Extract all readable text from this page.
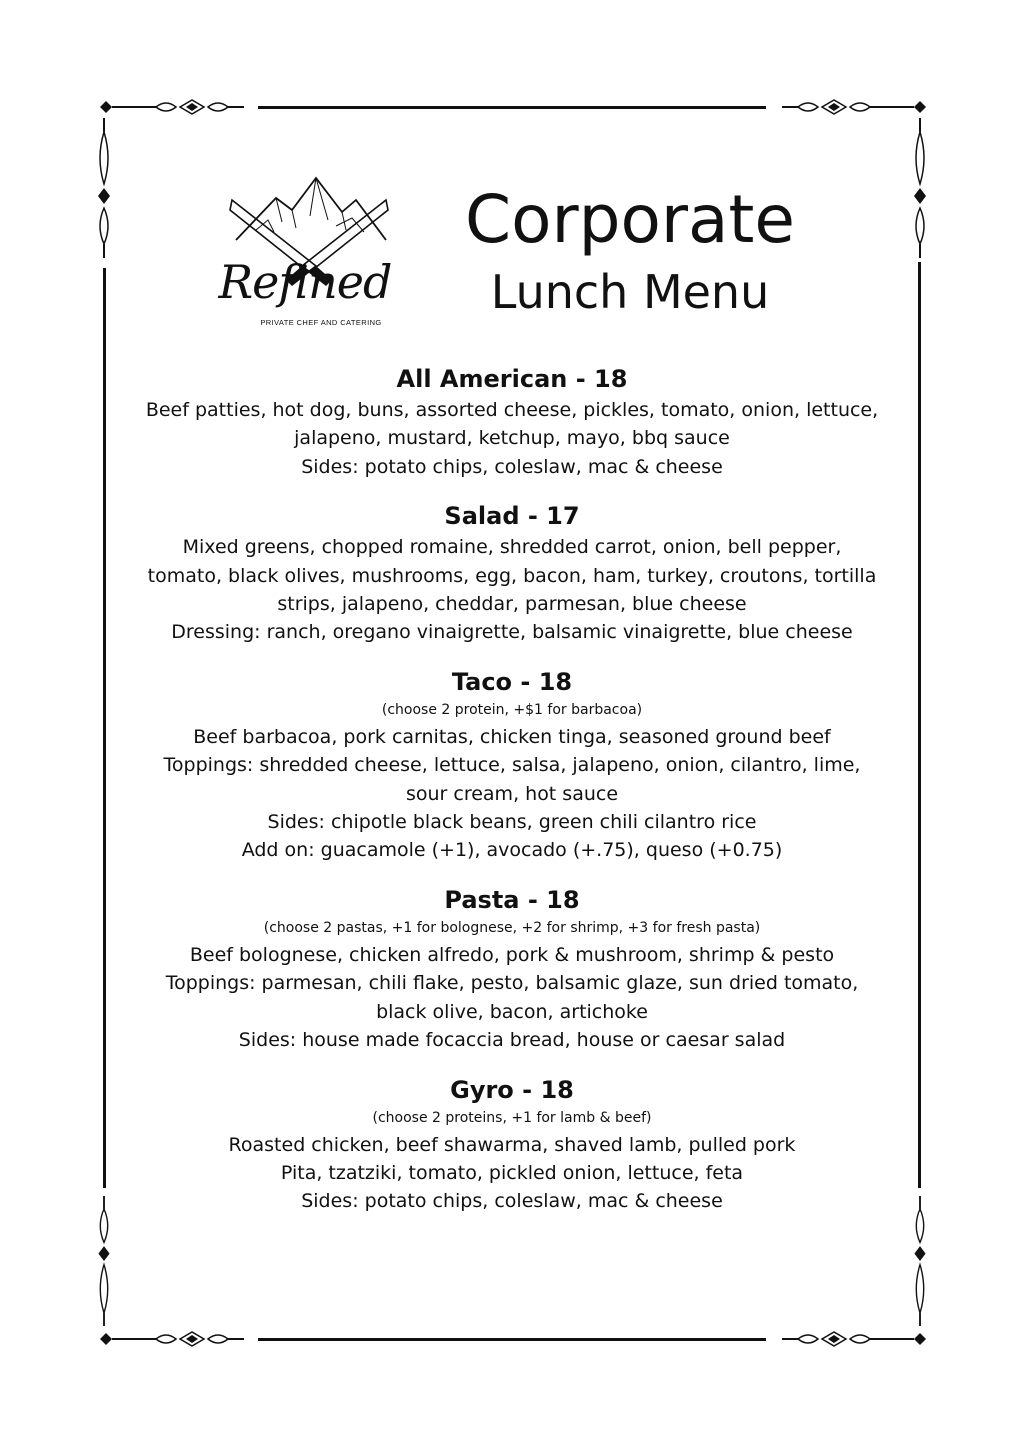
Refined
PRIVATE CHEF AND CATERING
Corporate
Lunch Menu

All American - 18

Beef patties, hot dog, buns, assorted cheese, pickles, tomato, onion, lettuce,

jalapeno, mustard, ketchup, mayo, bbq sauce

Sides: potato chips, coleslaw, mac & cheese

Salad - 17

Mixed greens, chopped romaine, shredded carrot, onion, bell pepper,

tomato, black olives, mushrooms, egg, bacon, ham, turkey, croutons, tortilla

strips, jalapeno, cheddar, parmesan, blue cheese

Dressing: ranch, oregano vinaigrette, balsamic vinaigrette, blue cheese

Taco - 18

(choose 2 protein, +$1 for barbacoa)

Beef barbacoa, pork carnitas, chicken tinga, seasoned ground beef

Toppings: shredded cheese, lettuce, salsa, jalapeno, onion, cilantro, lime,

sour cream, hot sauce

Sides: chipotle black beans, green chili cilantro rice

Add on: guacamole (+1), avocado (+.75), queso (+0.75)

Pasta - 18

(choose 2 pastas, +1 for bolognese, +2 for shrimp, +3 for fresh pasta)

Beef bolognese, chicken alfredo, pork & mushroom, shrimp & pesto

Toppings: parmesan, chili flake, pesto, balsamic glaze, sun dried tomato,

black olive, bacon, artichoke

Sides: house made focaccia bread, house or caesar salad

Gyro - 18

(choose 2 proteins, +1 for lamb & beef)

Roasted chicken, beef shawarma, shaved lamb, pulled pork

Pita, tzatziki, tomato, pickled onion, lettuce, feta

Sides: potato chips, coleslaw, mac & cheese
